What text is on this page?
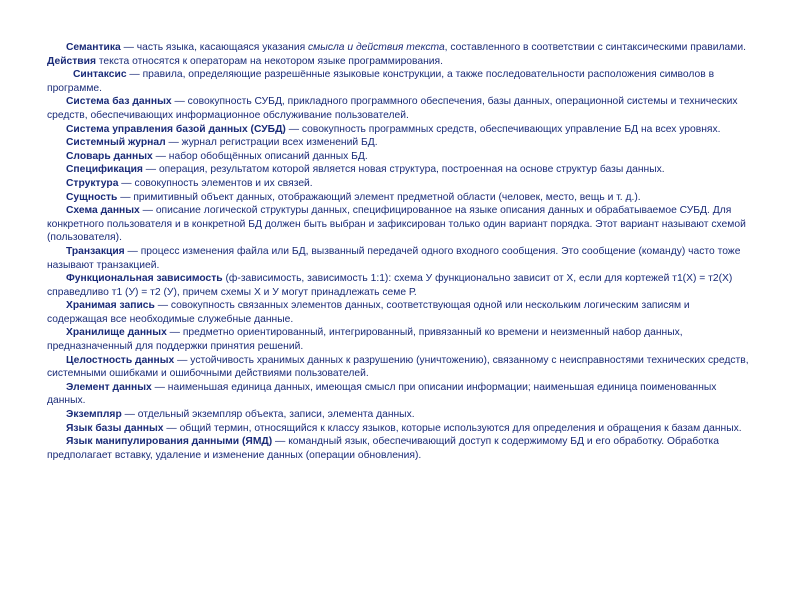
Семантика — часть языка, касающаяся указания смысла и действия текста, составленного в соответствии с синтаксическими правилами. Действия текста относятся к операторам на некотором языке программирования.

Синтаксис — правила, определяющие разрешённые языковые конструкции, а также последовательности расположения символов в программе.

Система баз данных — совокупность СУБД, прикладного программного обеспечения, базы данных, операционной системы и технических средств, обеспечивающих информационное обслуживание пользователей.

Система управления базой данных (СУБД) — совокупность программных средств, обеспечивающих управление БД на всех уровнях.

Системный журнал — журнал регистрации всех изменений БД.

Словарь данных — набор обобщённых описаний данных БД.

Спецификация — операция, результатом которой является новая структура, построенная на основе структур базы данных.

Структура — совокупность элементов и их связей.

Сущность — примитивный объект данных, отображающий элемент предметной области (человек, место, вещь и т. д.).

Схема данных — описание логической структуры данных, специфицированное на языке описания данных и обрабатываемое СУБД. Для конкретного пользователя и в конкретной БД должен быть выбран и зафиксирован только один вариант порядка. Этот вариант называют схемой (пользователя).

Транзакция — процесс изменения файла или БД, вызванный передачей одного входного сообщения. Это сообщение (команду) часто тоже называют транзакцией.

Функциональная зависимость (ф-зависимость, зависимость 1:1): схема У функционально зависит от X, если для кортежей т1(Х) = т2(Х) справедливо т1 (У) = т2 (У), причем схемы X и У могут принадлежать семе Р.

Хранимая запись — совокупность связанных элементов данных, соответствующая одной или нескольким логическим записям и содержащая все необходимые служебные данные.

Хранилище данных — предметно ориентированный, интегрированный, привязанный ко времени и неизменный набор данных, предназначенный для поддержки принятия решений.

Целостность данных — устойчивость хранимых данных к разрушению (уничтожению), связанному с неисправностями технических средств, системными ошибками и ошибочными действиями пользователей.

Элемент данных — наименьшая единица данных, имеющая смысл при описании информации; наименьшая единица поименованных данных.

Экземпляр — отдельный экземпляр объекта, записи, элемента данных.

Язык базы данных — общий термин, относящийся к классу языков, которые используются для определения и обращения к базам данных.

Язык манипулирования данными (ЯМД) — командный язык, обеспечивающий доступ к содержимому БД и его обработку. Обработка предполагает вставку, удаление и изменение данных (операции обновления).
